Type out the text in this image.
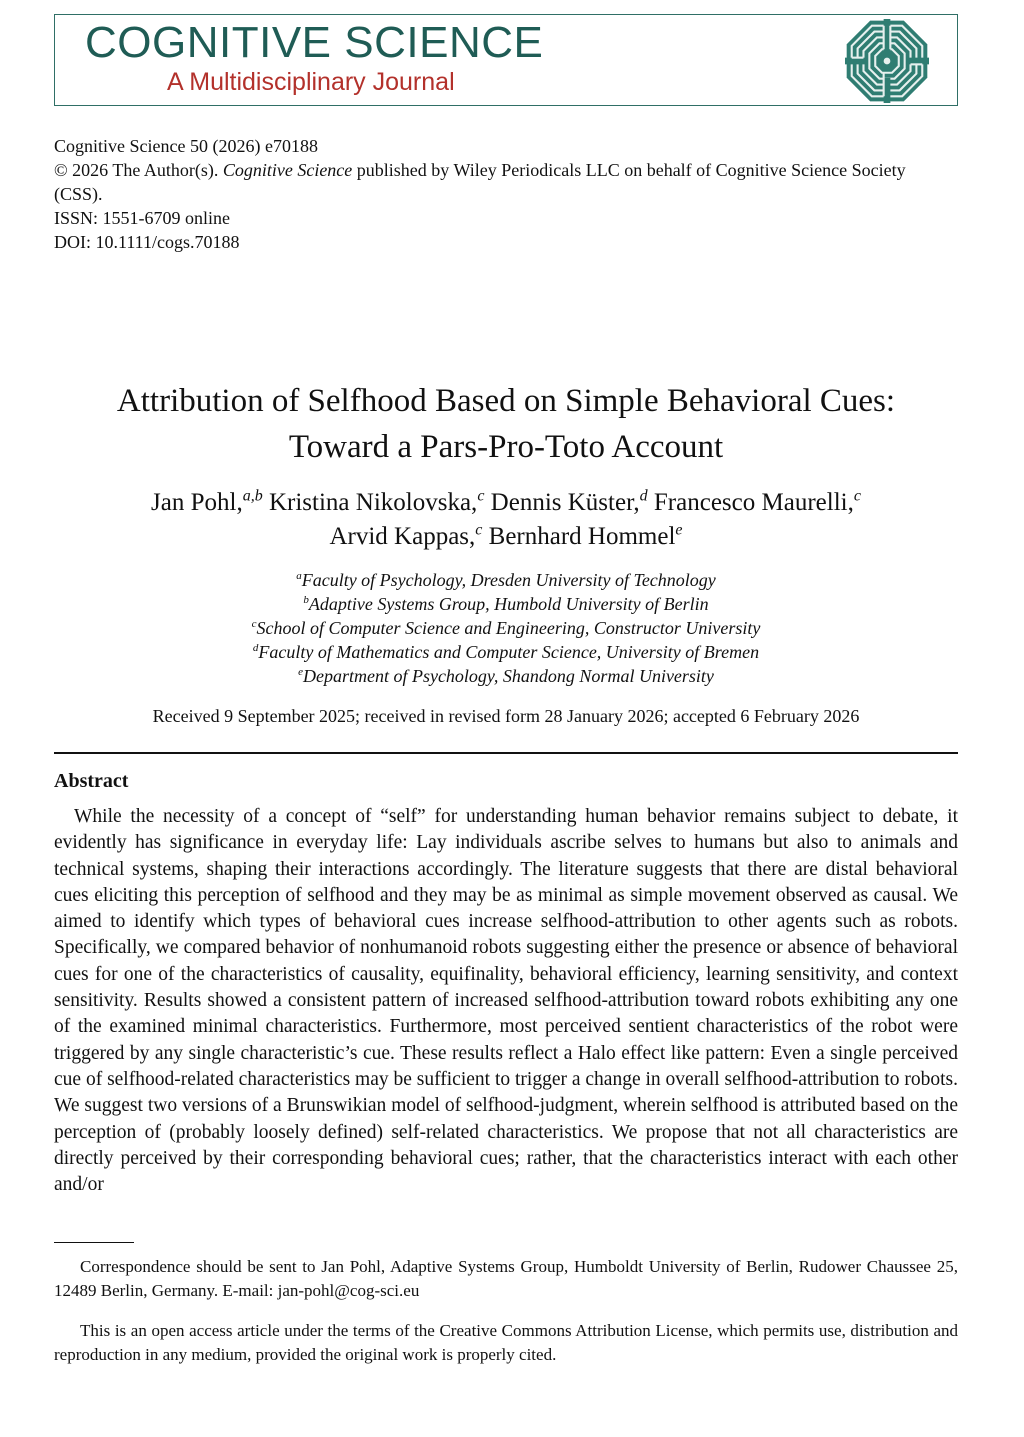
COGNITIVE SCIENCE
A Multidisciplinary Journal
Cognitive Science 50 (2026) e70188
© 2026 The Author(s). Cognitive Science published by Wiley Periodicals LLC on behalf of Cognitive Science Society (CSS).
ISSN: 1551-6709 online
DOI: 10.1111/cogs.70188
Attribution of Selfhood Based on Simple Behavioral Cues:
Toward a Pars-Pro-Toto Account
Jan Pohl,$^{a,b}$ Kristina Nikolovska,$^c$ Dennis Küster,$^d$ Francesco Maurelli,$^c$
Arvid Kappas,$^c$ Bernhard Hommel$^e$
$^a$Faculty of Psychology, Dresden University of Technology
$^b$Adaptive Systems Group, Humbold University of Berlin
$^c$School of Computer Science and Engineering, Constructor University
$^d$Faculty of Mathematics and Computer Science, University of Bremen
$^e$Department of Psychology, Shandong Normal University
Received 9 September 2025; received in revised form 28 January 2026; accepted 6 February 2026
Abstract
While the necessity of a concept of “self” for understanding human behavior remains subject to debate, it evidently has significance in everyday life: Lay individuals ascribe selves to humans but also to animals and technical systems, shaping their interactions accordingly. The literature suggests that there are distal behavioral cues eliciting this perception of selfhood and they may be as minimal as simple movement observed as causal. We aimed to identify which types of behavioral cues increase selfhood-attribution to other agents such as robots. Specifically, we compared behavior of nonhumanoid robots suggesting either the presence or absence of behavioral cues for one of the characteristics of causality, equifinality, behavioral efficiency, learning sensitivity, and context sensitivity. Results showed a consistent pattern of increased selfhood-attribution toward robots exhibiting any one of the examined minimal characteristics. Furthermore, most perceived sentient characteristics of the robot were triggered by any single characteristic’s cue. These results reflect a Halo effect like pattern: Even a single perceived cue of selfhood-related characteristics may be sufficient to trigger a change in overall selfhood-attribution to robots. We suggest two versions of a Brunswikian model of selfhood-judgment, wherein selfhood is attributed based on the perception of (probably loosely defined) self-related characteristics. We propose that not all characteristics are directly perceived by their corresponding behavioral cues; rather, that the characteristics interact with each other and/or
Correspondence should be sent to Jan Pohl, Adaptive Systems Group, Humboldt University of Berlin, Rudower Chaussee 25, 12489 Berlin, Germany. E-mail: jan-pohl@cog-sci.eu
This is an open access article under the terms of the Creative Commons Attribution License, which permits use, distribution and reproduction in any medium, provided the original work is properly cited.
